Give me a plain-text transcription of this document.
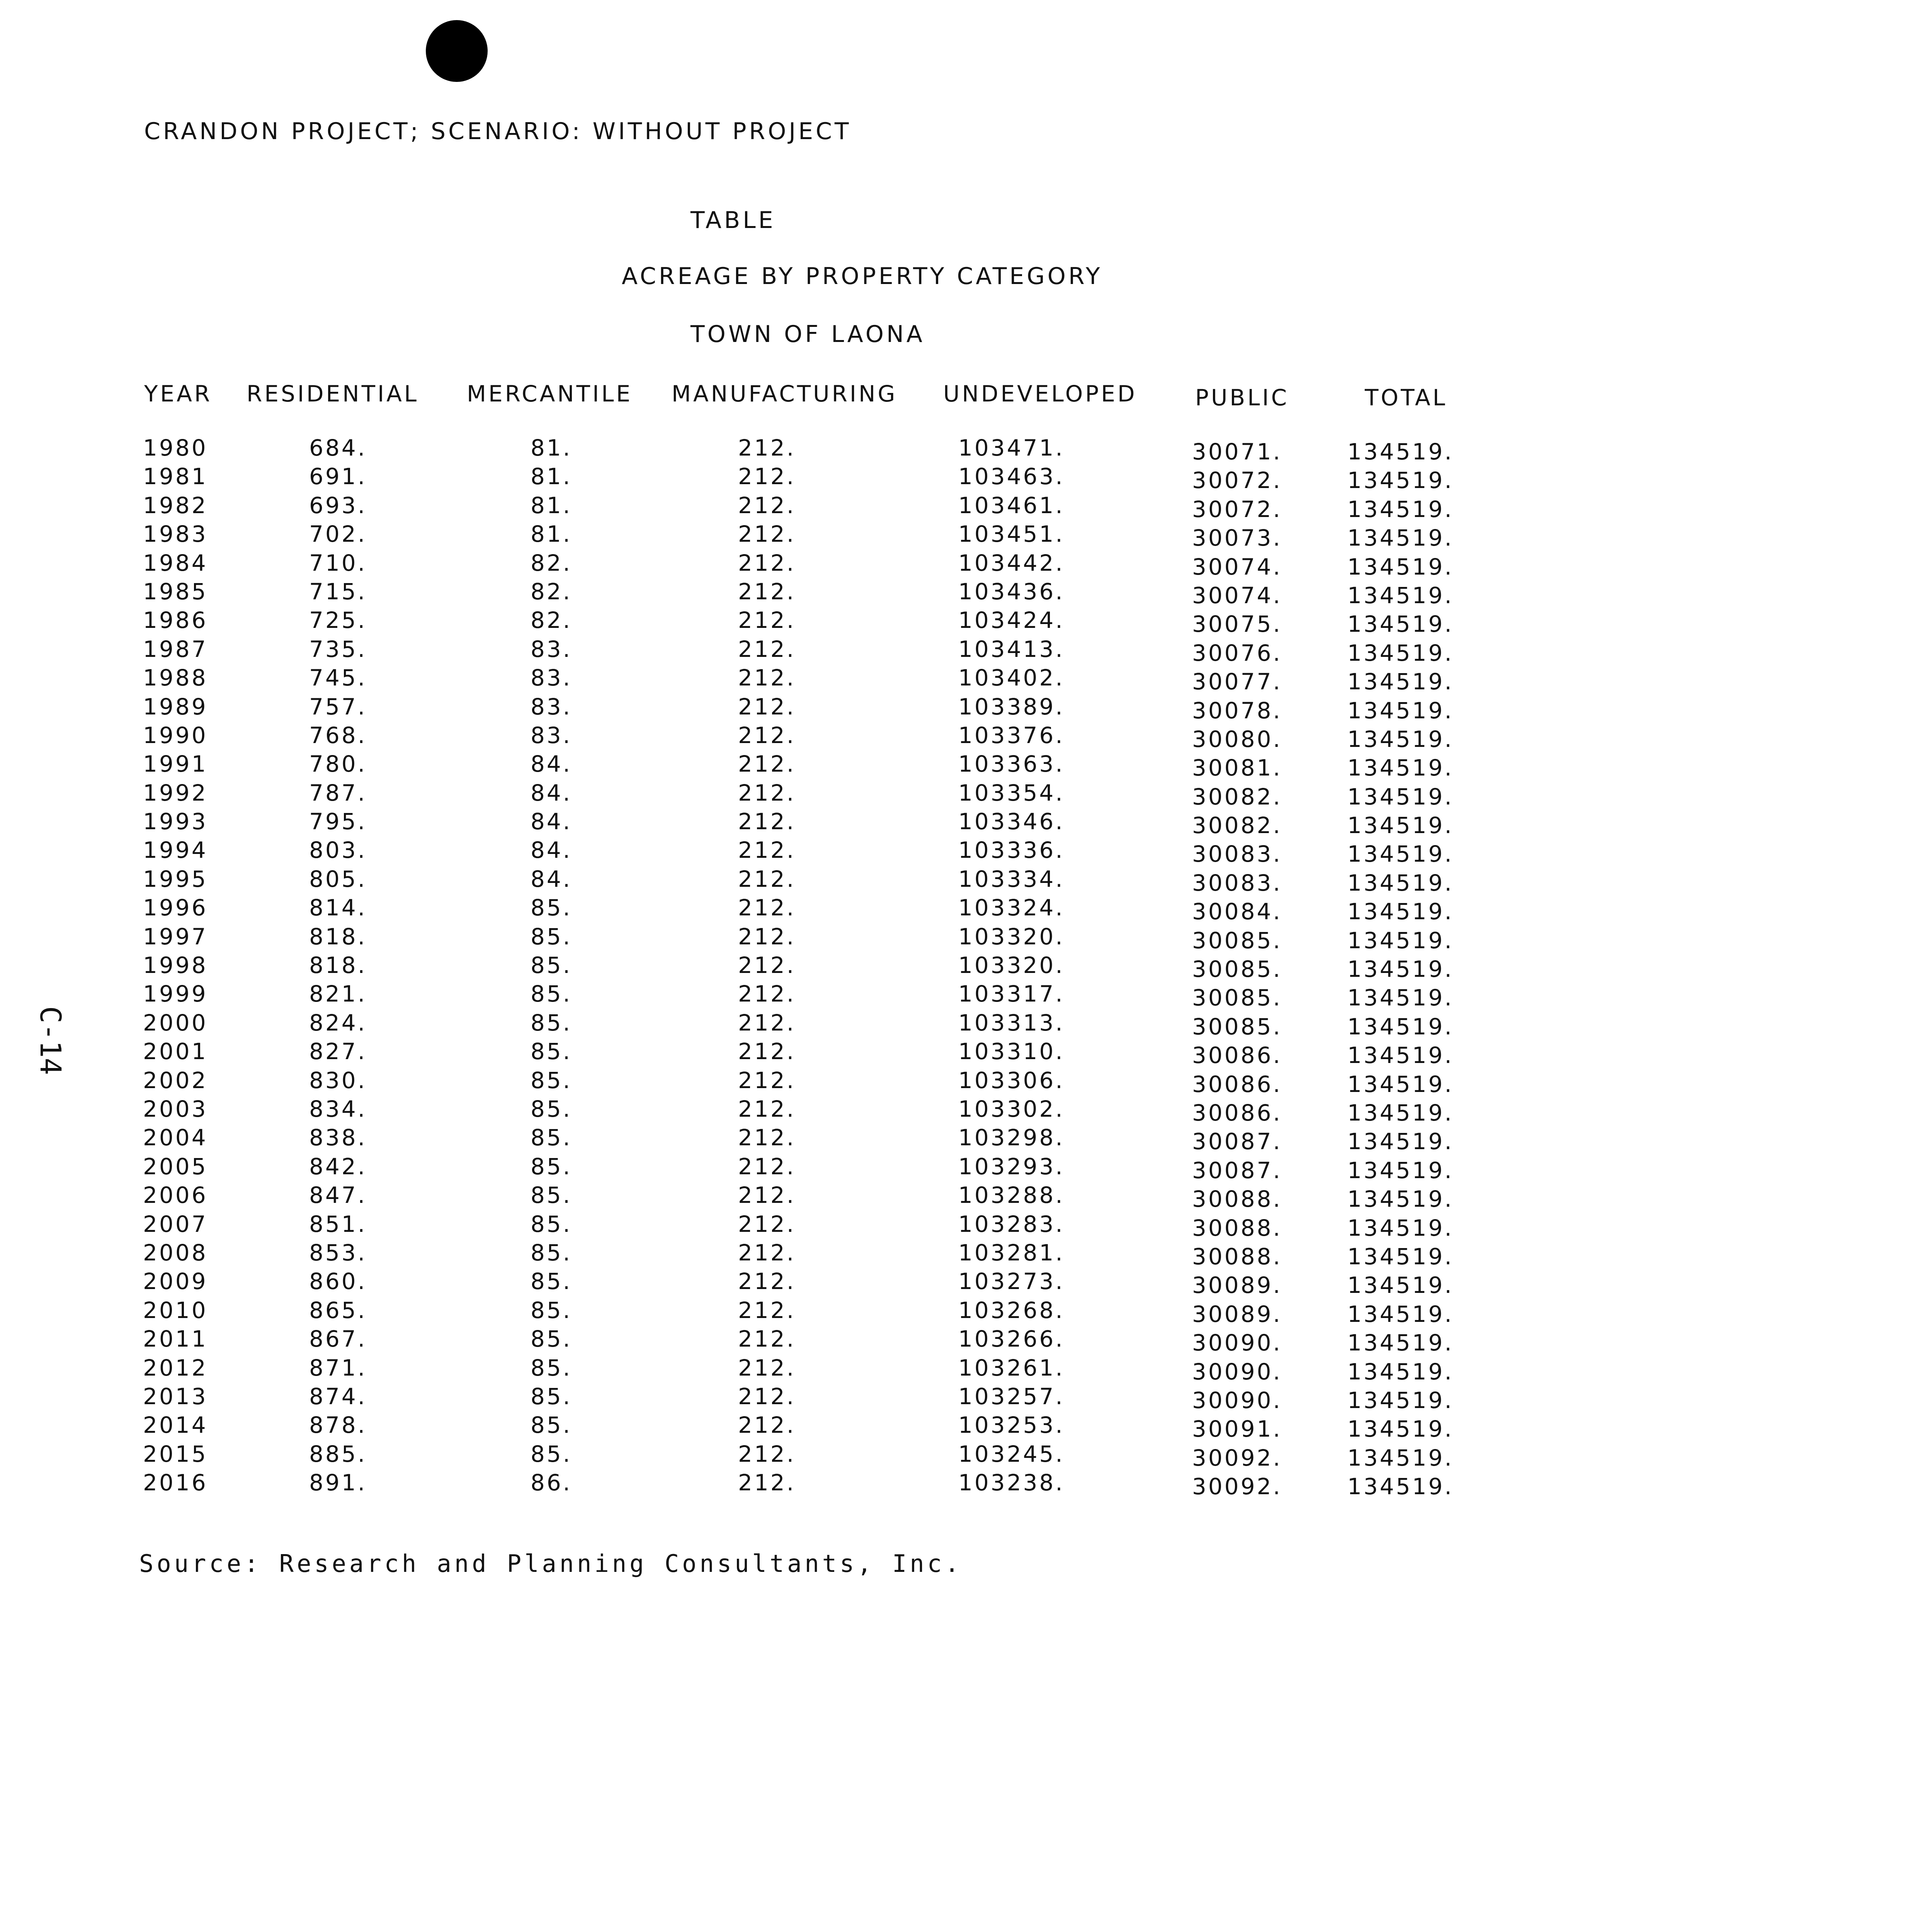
CRANDON PROJECT; SCENARIO: WITHOUT PROJECT
TABLE
ACREAGE BY PROPERTY CATEGORY
TOWN OF LAONA
C-14
YEAR RESIDENTIAL MERCANTILE MANUFACTURING UNDEVELOPED	PUBLIC	TOTAL
1980	684.	81.	212.	103471.	30071.	134519.
1981	691.	81.	212.	103463.	30072.	134519.
1982	693.	81.	212.	103461.	30072.	134519.
1983	702.	81.	212.	103451.	30073.	134519.
1984	710.	82.	212.	103442.	30074.	134519.
1985	715.	82.	212.	103436.	30074.	134519.
1986	725.	82.	212.	103424.	30075.	134519.
1987	735.	83.	212.	103413.	30076.	134519.
1988	745.	83.	212.	103402.	30077.	134519.
1989	757.	83.	212.	103389.	30078.	134519.
1990	768.	83.	212.	103376.	30080.	134519.
1991	780.	84.	212.	103363.	30081.	134519.
1992	787.	84.	212.	103354.	30082.	134519.
1993	795.	84.	212.	103346.	30082.	134519.
1994	803.	84.	212.	103336.	30083.	134519.
1995	805.	84.	212.	103334.	30083.	134519.
1996	814.	85.	212.	103324.	30084.	134519.
1997	818.	85.	212.	103320.	30085.	134519.
1998	818.	85.	212.	103320.	30085.	134519.
1999	821.	85.	212.	103317.	30085.	134519.
2000	824.	85.	212.	103313.	30085.	134519.
2001	827.	85.	212.	103310.	30086.	134519.
2002	830.	85.	212.	103306.	30086.	134519.
2003	834.	85.	212.	103302.	30086.	134519.
2004	838.	85.	212.	103298.	30087.	134519.
2005	842.	85.	212.	103293.	30087.	134519.
2006	847.	85.	212.	103288.	30088.	134519.
2007	851.	85.	212.	103283.	30088.	134519.
2008	853.	85.	212.	103281.	30088.	134519.
2009	860.	85.	212.	103273.	30089.	134519.
2010	865.	85.	212.	103268.	30089.	134519.
2011	867.	85.	212.	103266.	30090.	134519.
2012	871.	85.	212.	103261.	30090.	134519.
2013	874.	85.	212.	103257.	30090.	134519.
2014	878.	85.	212.	103253.	30091.	134519.
2015	885.	85.	212.	103245.	30092.	134519.
2016	891.	86.	212.	103238.	30092.	134519.
Source: Research and Planning Consultants, Inc.
